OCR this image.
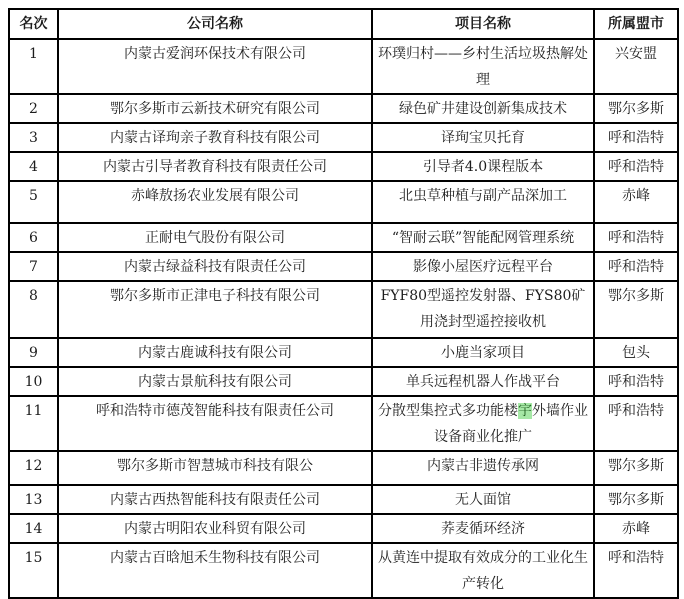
名次	公司名称	项目名称	所属盟市
1	内蒙古爱润环保技术有限公司	环璞归村——乡村生活垃圾热解处理	兴安盟
2	鄂尔多斯市云新技术研究有限公司	绿色矿井建设创新集成技术	鄂尔多斯
3	内蒙古译珣亲子教育科技有限公司	译珣宝贝托育	呼和浩特
4	内蒙古引导者教育科技有限责任公司	引导者4.0课程版本	呼和浩特
5	赤峰敖扬农业发展有限公司	北虫草种植与副产品深加工	赤峰
6	正耐电气股份有限公司	“智耐云联”智能配网管理系统	呼和浩特
7	内蒙古绿益科技有限责任公司	影像小屋医疗远程平台	呼和浩特
8	鄂尔多斯市正津电子科技有限公司	FYF80型遥控发射器、FYS80矿用浇封型遥控接收机	鄂尔多斯
9	内蒙古鹿诚科技有限公司	小鹿当家项目	包头
10	内蒙古景航科技有限公司	单兵远程机器人作战平台	呼和浩特
11	呼和浩特市德茂智能科技有限责任公司	分散型集控式多功能楼宇外墙作业设备商业化推广	呼和浩特
12	鄂尔多斯市智慧城市科技有限公	内蒙古非遗传承网	鄂尔多斯
13	内蒙古西热智能科技有限责任公司	无人面馆	鄂尔多斯
14	内蒙古明阳农业科贸有限公司	荞麦循环经济	赤峰
15	内蒙古百晗旭禾生物科技有限公司	从黄连中提取有效成分的工业化生产转化	呼和浩特
